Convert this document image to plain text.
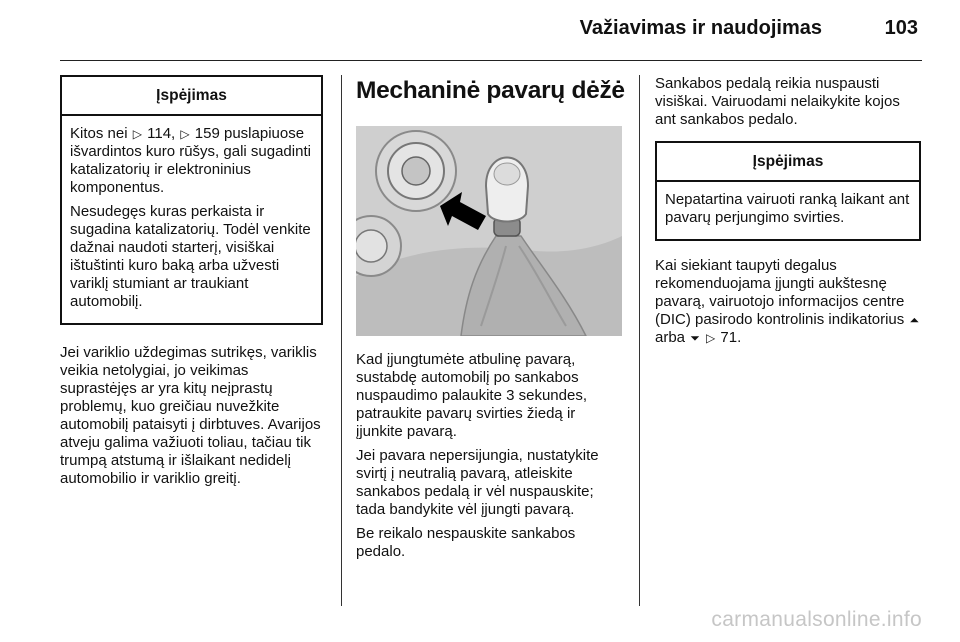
Važiavimas ir naudojimas	103
Įspėjimas

Kitos nei ▷ 114, ▷ 159 puslapiuose išvardintos kuro rūšys, gali sugadinti katalizatorių ir elektroninius komponentus.

Nesudegęs kuras perkaista ir sugadina katalizatorių. Todėl venkite dažnai naudoti starterį, visiškai ištuštinti kuro baką arba užvesti variklį stumiant ar traukiant automobilį.

Jei variklio uždegimas sutrikęs, variklis veikia netolygiai, jo veikimas suprastėjęs ar yra kitų neįprastų problemų, kuo greičiau nuvežkite automobilį pataisyti į dirbtuves. Avarijos atveju galima važiuoti toliau, tačiau tik trumpą atstumą ir išlaikant nedidelį automobilio ir variklio greitį.

Mechaninė pavarų dėžė

Kad įjungtumėte atbulinę pavarą, sustabdę automobilį po sankabos nuspaudimo palaukite 3 sekundes, patraukite pavarų svirties žiedą ir įjunkite pavarą.

Jei pavara nepersijungia, nustatykite svirtį į neutralią pavarą, atleiskite sankabos pedalą ir vėl nuspauskite; tada bandykite vėl įjungti pavarą.

Be reikalo nespauskite sankabos pedalo.

Sankabos pedalą reikia nuspausti visiškai. Vairuodami nelaikykite kojos ant sankabos pedalo.

Įspėjimas

Nepatartina vairuoti ranką laikant ant pavarų perjungimo svirties.

Kai siekiant taupyti degalus rekomenduojama įjungti aukštesnę pavarą, vairuotojo informacijos centre (DIC) pasirodo kontrolinis indikatorius ⏶ arba ⏷ ▷ 71.

carmanualsonline.info
